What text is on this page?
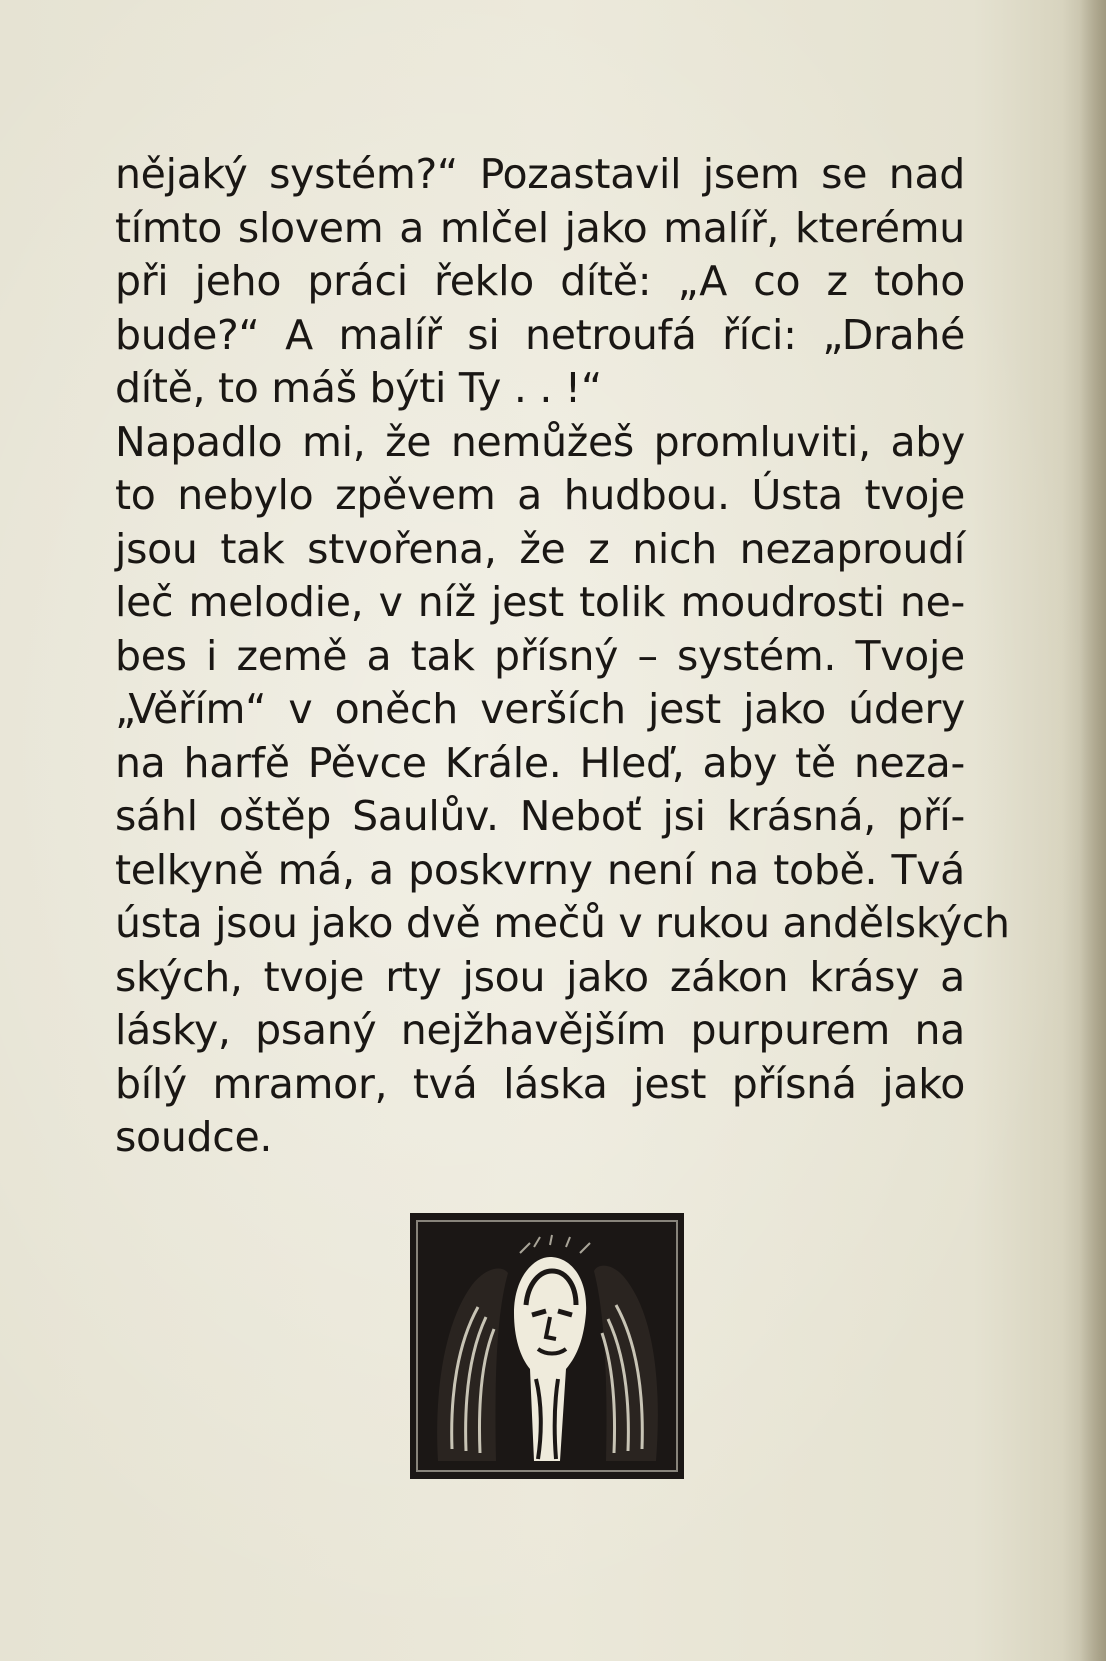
nějaký systém?“ Pozastavil jsem se nad
tímto slovem a mlčel jako malíř, kterému
při jeho práci řeklo dítě: „A co z toho
bude?“ A malíř si netroufá říci: „Drahé
dítě, to máš býti Ty . . !“
Napadlo mi, že nemůžeš promluviti, aby
to nebylo zpěvem a hudbou. Ústa tvoje
jsou tak stvořena, že z nich nezaproudí
leč melodie, v níž jest tolik moudrosti ne-
bes i země a tak přísný – systém. Tvoje
„Věřím“ v oněch verších jest jako údery
na harfě Pěvce Krále. Hleď, aby tě neza-
sáhl oštěp Saulův. Neboť jsi krásná, pří-
telkyně má, a poskvrny není na tobě. Tvá
ústa jsou jako dvě mečů v rukou andělských
ských, tvoje rty jsou jako zákon krásy a
lásky, psaný nejžhavějším purpurem na
bílý mramor, tvá láska jest přísná jako
soudce.
